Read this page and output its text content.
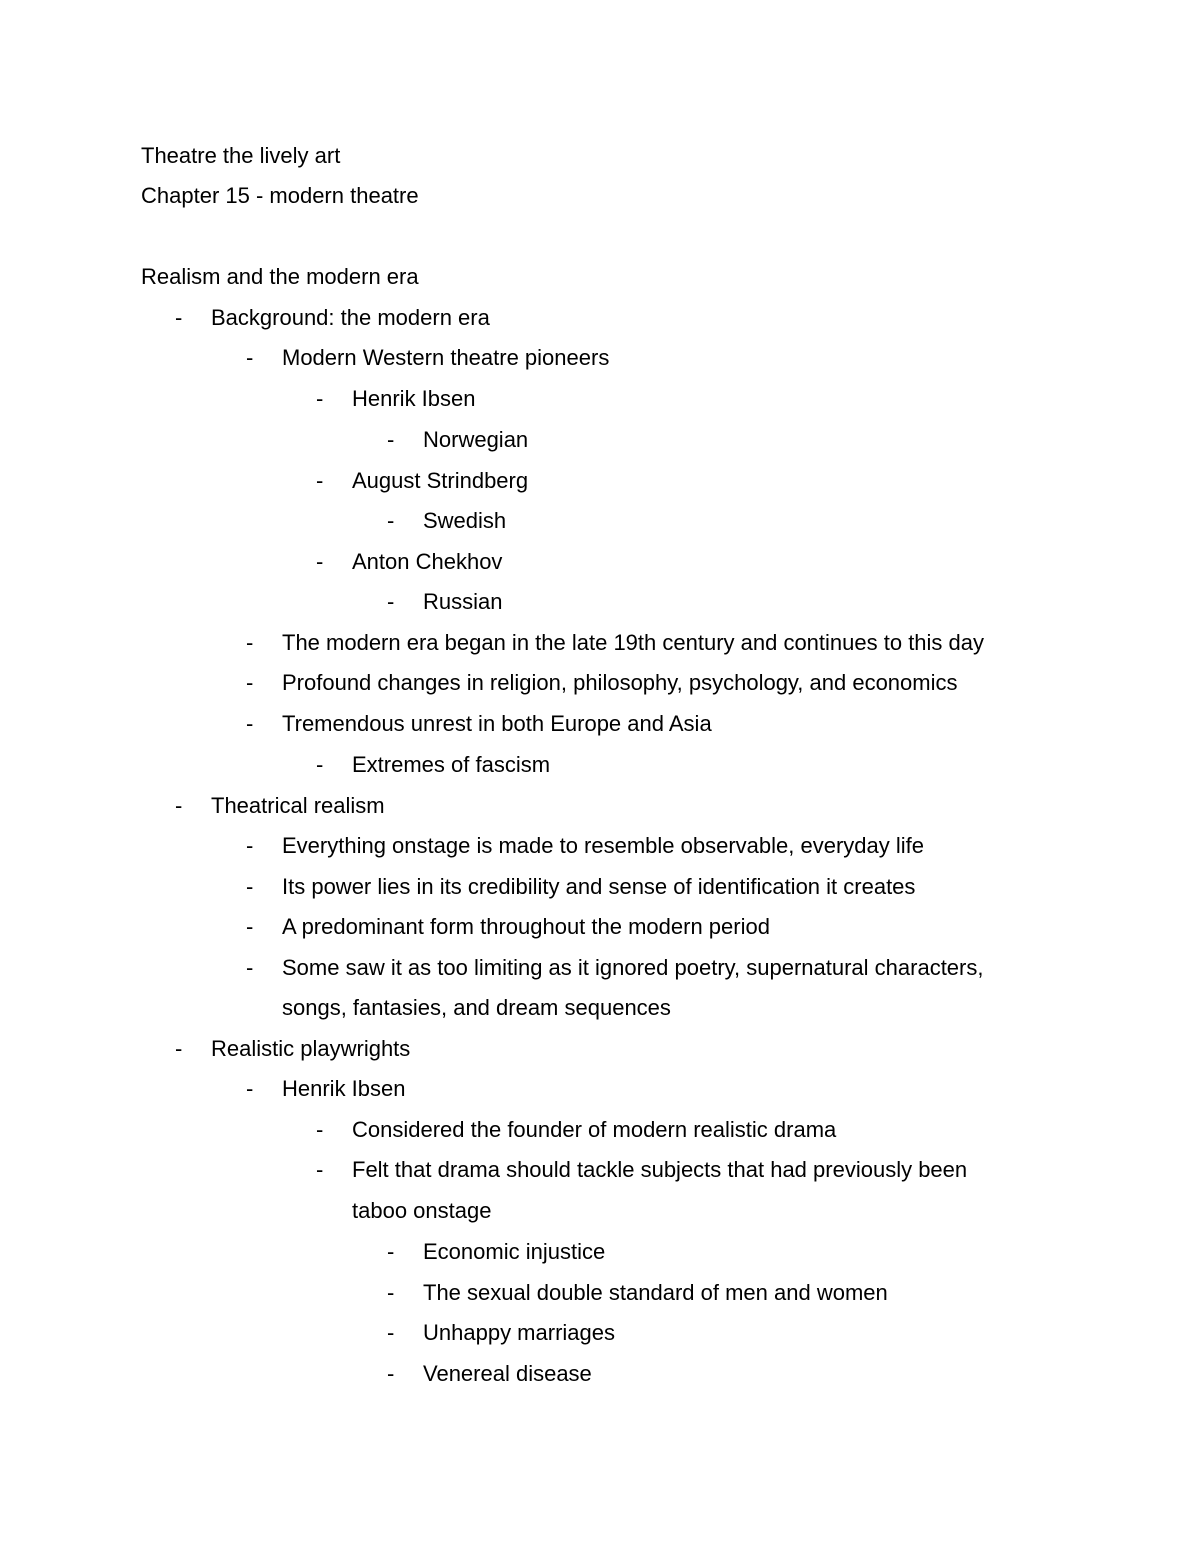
Theatre the lively art
Chapter 15 - modern theatre
Realism and the modern era
- Background: the modern era
- Modern Western theatre pioneers
- Henrik Ibsen
- Norwegian
- August Strindberg
- Swedish
- Anton Chekhov
- Russian
- The modern era began in the late 19th century and continues to this day
- Profound changes in religion, philosophy, psychology, and economics
- Tremendous unrest in both Europe and Asia
- Extremes of fascism
- Theatrical realism
- Everything onstage is made to resemble observable, everyday life
- Its power lies in its credibility and sense of identification it creates
- A predominant form throughout the modern period
- Some saw it as too limiting as it ignored poetry, supernatural characters,
songs, fantasies, and dream sequences
- Realistic playwrights
- Henrik Ibsen
- Considered the founder of modern realistic drama
- Felt that drama should tackle subjects that had previously been
taboo onstage
- Economic injustice
- The sexual double standard of men and women
- Unhappy marriages
- Venereal disease
